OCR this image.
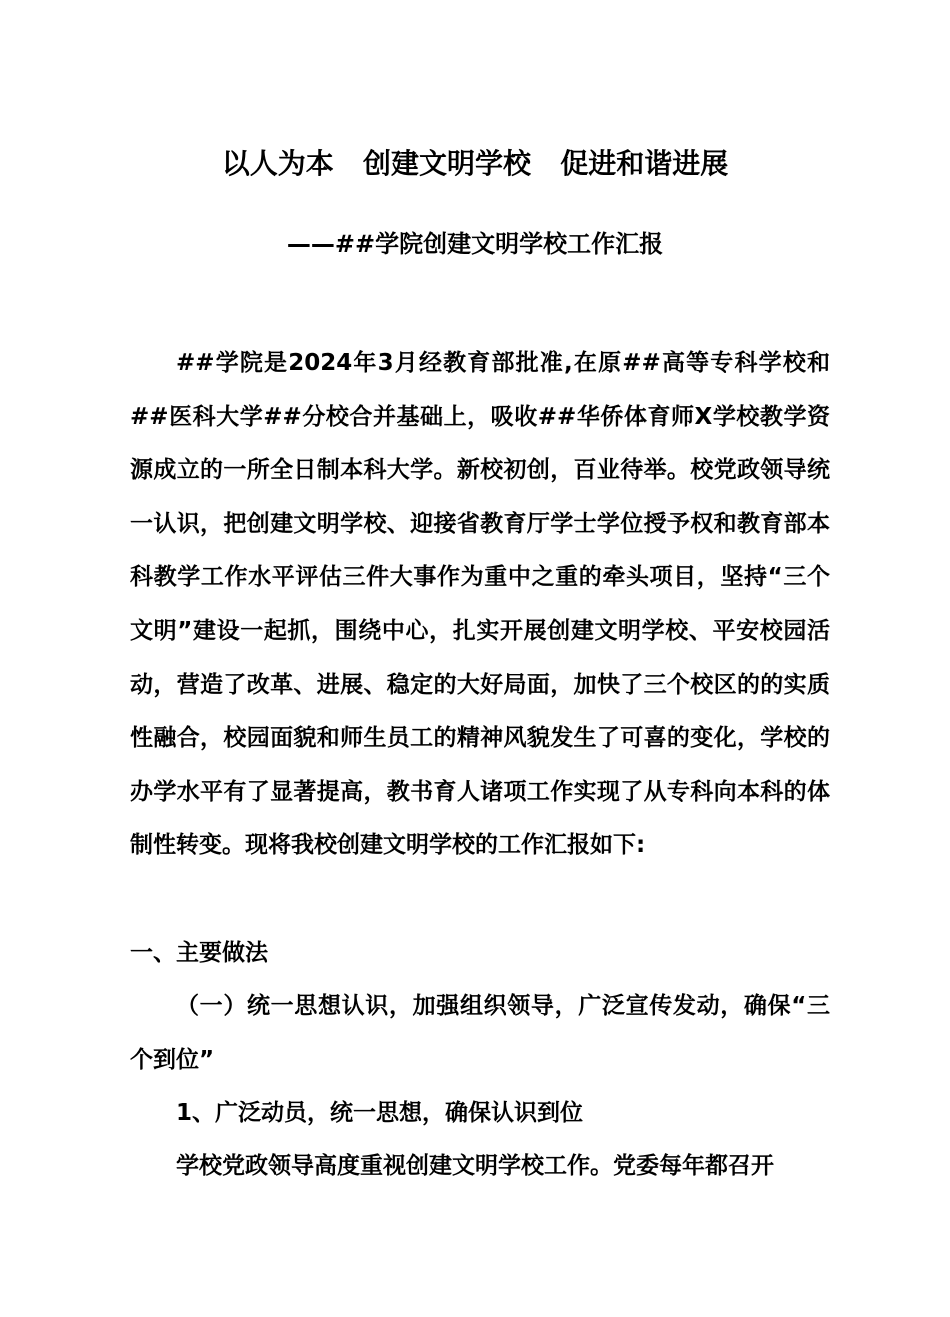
以人为本   创建文明学校   促进和谐进展
——##学院创建文明学校工作汇报

##学院是2024年3月经教育部批准,在原##高等专科学校和##医科大学##分校合并基础上，吸收##华侨体育师X学校教学资源成立的一所全日制本科大学。新校初创，百业待举。校党政领导统一认识，把创建文明学校、迎接省教育厅学士学位授予权和教育部本科教学工作水平评估三件大事作为重中之重的牵头项目，坚持“三个文明”建设一起抓，围绕中心，扎实开展创建文明学校、平安校园活动，营造了改革、进展、稳定的大好局面，加快了三个校区的的实质性融合，校园面貌和师生员工的精神风貌发生了可喜的变化，学校的办学水平有了显著提高，教书育人诸项工作实现了从专科向本科的体制性转变。现将我校创建文明学校的工作汇报如下:

一、主要做法

（一）统一思想认识，加强组织领导，广泛宣传发动，确保“三个到位”

1、广泛动员，统一思想，确保认识到位

学校党政领导高度重视创建文明学校工作。党委每年都召开
